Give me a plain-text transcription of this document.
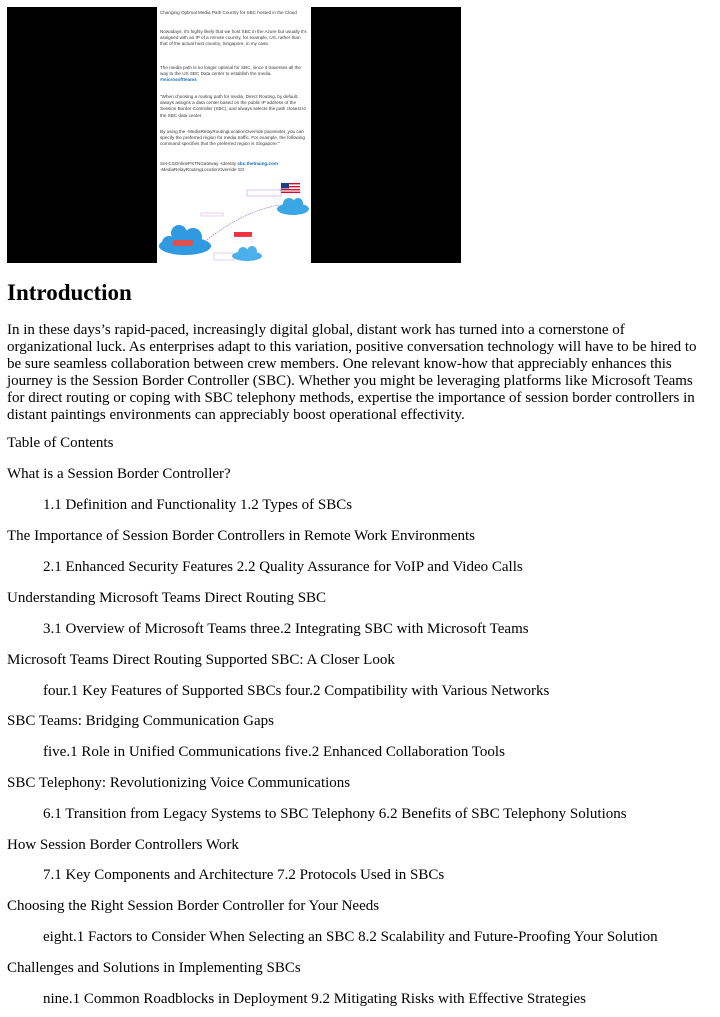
Changing Optimal Media Path Country for SBC hosted in the Cloud

Nowadays, it's highly likely that we host SBC in the Azure but usually it's assigned with an IP of a remote country, for example, US, rather than that of the actual host country, Singapore, in my case.

The media path is no longer optimal for SBC, since it traverses all the way to the US SBC Data center to establish the media.

#microsoftteams

"When choosing a routing path for media, Direct Routing, by default, always assigns a data center based on the public IP address of the Session Border Controller (SBC), and always selects the path closest to the SBC data center.

By using the -MediaRelayRoutingLocationOverride parameter, you can specify the preferred region for media traffic. For example, the following command specifies that the preferred region is Singapore:"

Set-CSOnlinePSTNGateway -Identity sbc.thetnaing.com

-MediaRelayRoutingLocationOverride SG

Introduction

In in these days’s rapid-paced, increasingly digital global, distant work has turned into a cornerstone of organizational luck. As enterprises adapt to this variation, positive conversation technology will have to be hired to be sure seamless collaboration between crew members. One relevant know-how that appreciably enhances this journey is the Session Border Controller (SBC). Whether you might be leveraging platforms like Microsoft Teams for direct routing or coping with SBC telephony methods, expertise the importance of session border controllers in distant paintings environments can appreciably boost operational effectivity.

Table of Contents

What is a Session Border Controller?

1.1 Definition and Functionality 1.2 Types of SBCs

The Importance of Session Border Controllers in Remote Work Environments

2.1 Enhanced Security Features 2.2 Quality Assurance for VoIP and Video Calls

Understanding Microsoft Teams Direct Routing SBC

3.1 Overview of Microsoft Teams three.2 Integrating SBC with Microsoft Teams

Microsoft Teams Direct Routing Supported SBC: A Closer Look

four.1 Key Features of Supported SBCs four.2 Compatibility with Various Networks

SBC Teams: Bridging Communication Gaps

five.1 Role in Unified Communications five.2 Enhanced Collaboration Tools

SBC Telephony: Revolutionizing Voice Communications

6.1 Transition from Legacy Systems to SBC Telephony 6.2 Benefits of SBC Telephony Solutions

How Session Border Controllers Work

7.1 Key Components and Architecture 7.2 Protocols Used in SBCs

Choosing the Right Session Border Controller for Your Needs

eight.1 Factors to Consider When Selecting an SBC 8.2 Scalability and Future-Proofing Your Solution

Challenges and Solutions in Implementing SBCs

nine.1 Common Roadblocks in Deployment 9.2 Mitigating Risks with Effective Strategies
